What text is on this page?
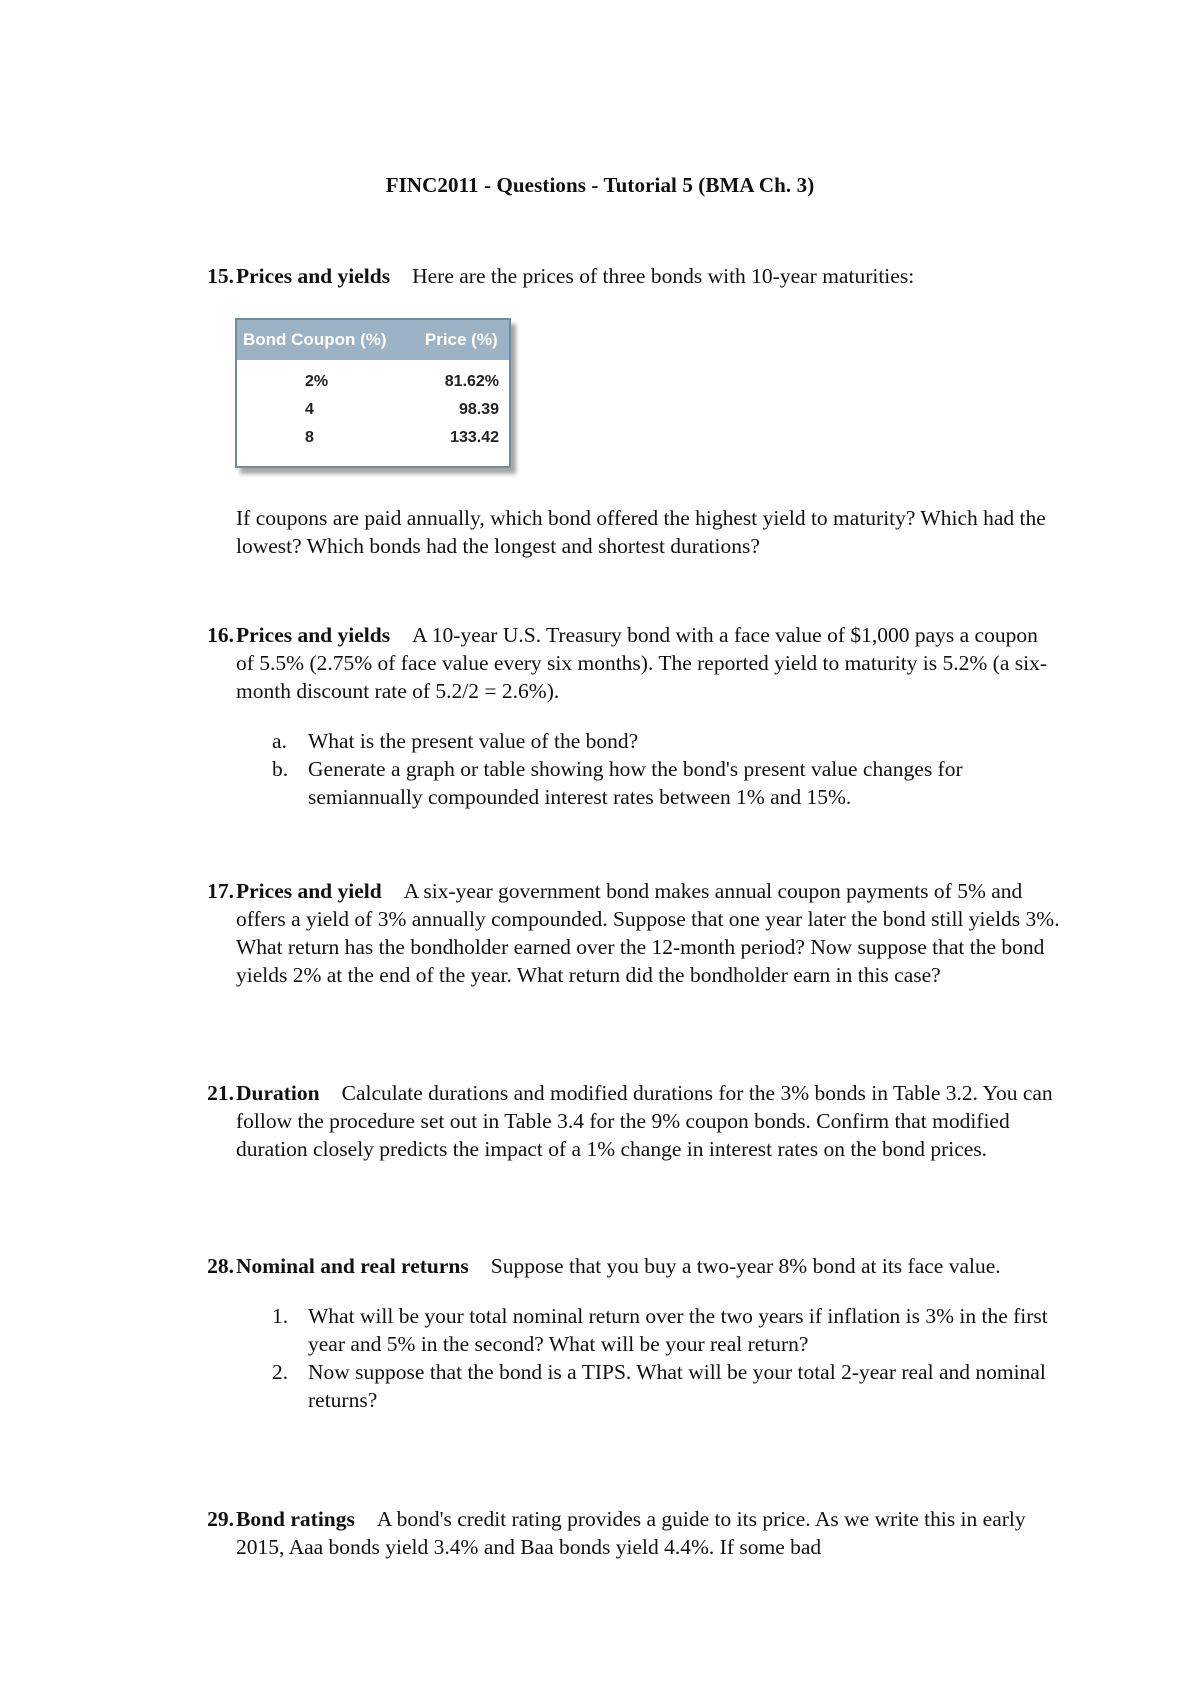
FINC2011 - Questions - Tutorial 5 (BMA Ch. 3)
15. Prices and yields Here are the prices of three bonds with 10-year maturities:

Bond Coupon (%)	Price (%)
2%	81.62%
4	98.39
8	133.42

If coupons are paid annually, which bond offered the highest yield to maturity? Which had the lowest? Which bonds had the longest and shortest durations?

16. Prices and yields A 10-year U.S. Treasury bond with a face value of $1,000 pays a coupon of 5.5% (2.75% of face value every six months). The reported yield to maturity is 5.2% (a six-month discount rate of 5.2/2 = 2.6%).

a. What is the present value of the bond?
b. Generate a graph or table showing how the bond's present value changes for semiannually compounded interest rates between 1% and 15%.
17. Prices and yield A six-year government bond makes annual coupon payments of 5% and offers a yield of 3% annually compounded. Suppose that one year later the bond still yields 3%. What return has the bondholder earned over the 12-month period? Now suppose that the bond yields 2% at the end of the year. What return did the bondholder earn in this case?

21. Duration Calculate durations and modified durations for the 3% bonds in Table 3.2. You can follow the procedure set out in Table 3.4 for the 9% coupon bonds. Confirm that modified duration closely predicts the impact of a 1% change in interest rates on the bond prices.

28. Nominal and real returns Suppose that you buy a two-year 8% bond at its face value.

1. What will be your total nominal return over the two years if inflation is 3% in the first year and 5% in the second? What will be your real return?
2. Now suppose that the bond is a TIPS. What will be your total 2-year real and nominal returns?
29. Bond ratings A bond's credit rating provides a guide to its price. As we write this in early 2015, Aaa bonds yield 3.4% and Baa bonds yield 4.4%. If some bad
